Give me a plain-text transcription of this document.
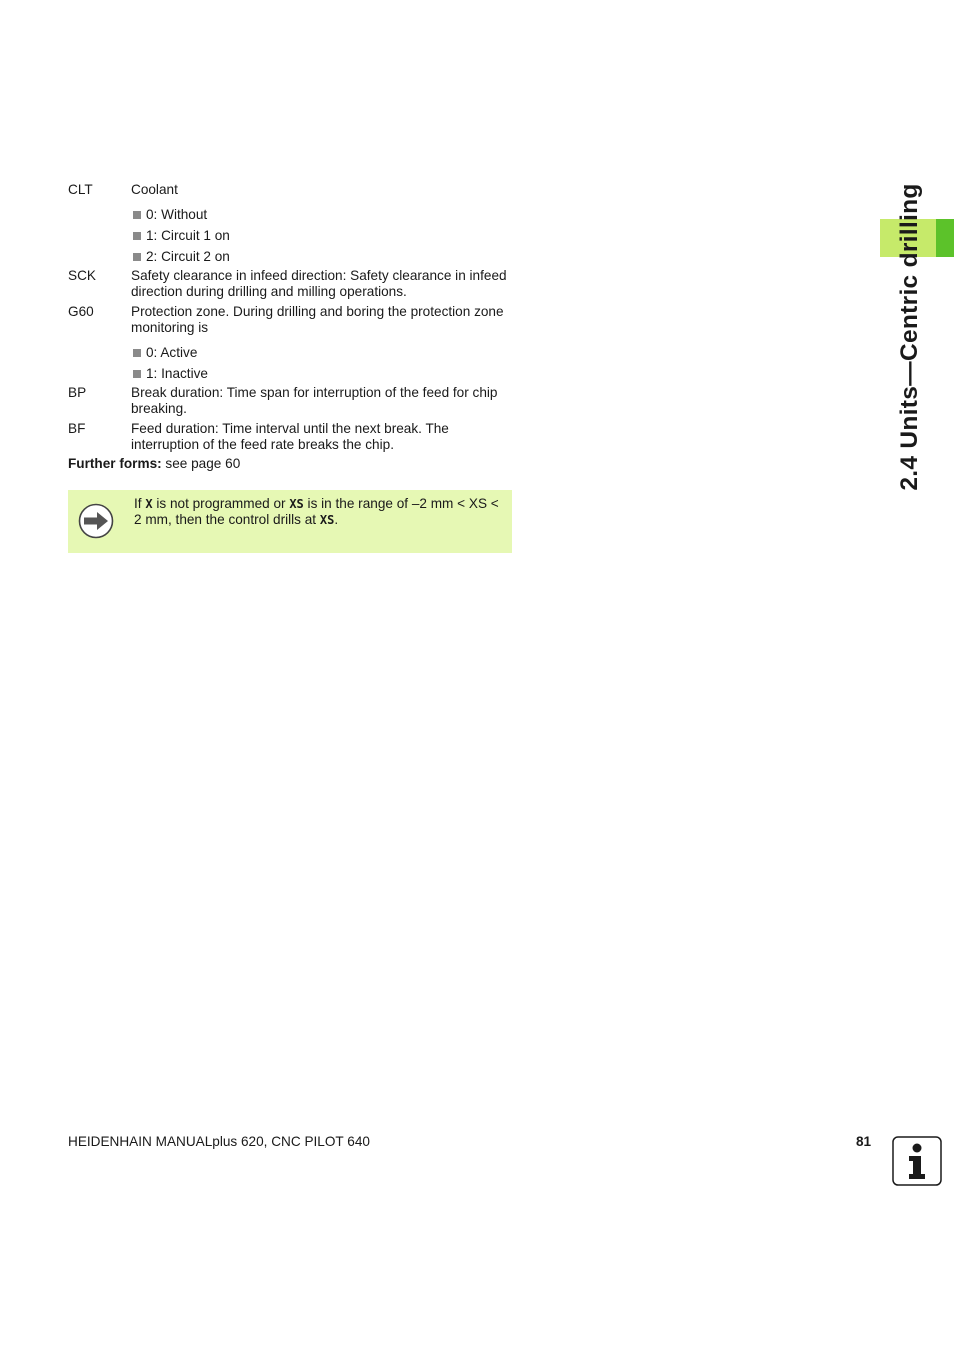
CLT	Coolant
0: Without
1: Circuit 1 on
2: Circuit 2 on
SCK	Safety clearance in infeed direction: Safety clearance in infeed direction during drilling and milling operations.
G60	Protection zone. During drilling and boring the protection zone monitoring is
0: Active
1: Inactive
BP	Break duration: Time span for interruption of the feed for chip breaking.
BF	Feed duration: Time interval until the next break. The interruption of the feed rate breaks the chip.
Further forms: see page 60
If X is not programmed or XS is in the range of –2 mm < XS < 2 mm, then the control drills at XS.
2.4 Units—Centric drilling
HEIDENHAIN MANUALplus 620, CNC PILOT 640	81
